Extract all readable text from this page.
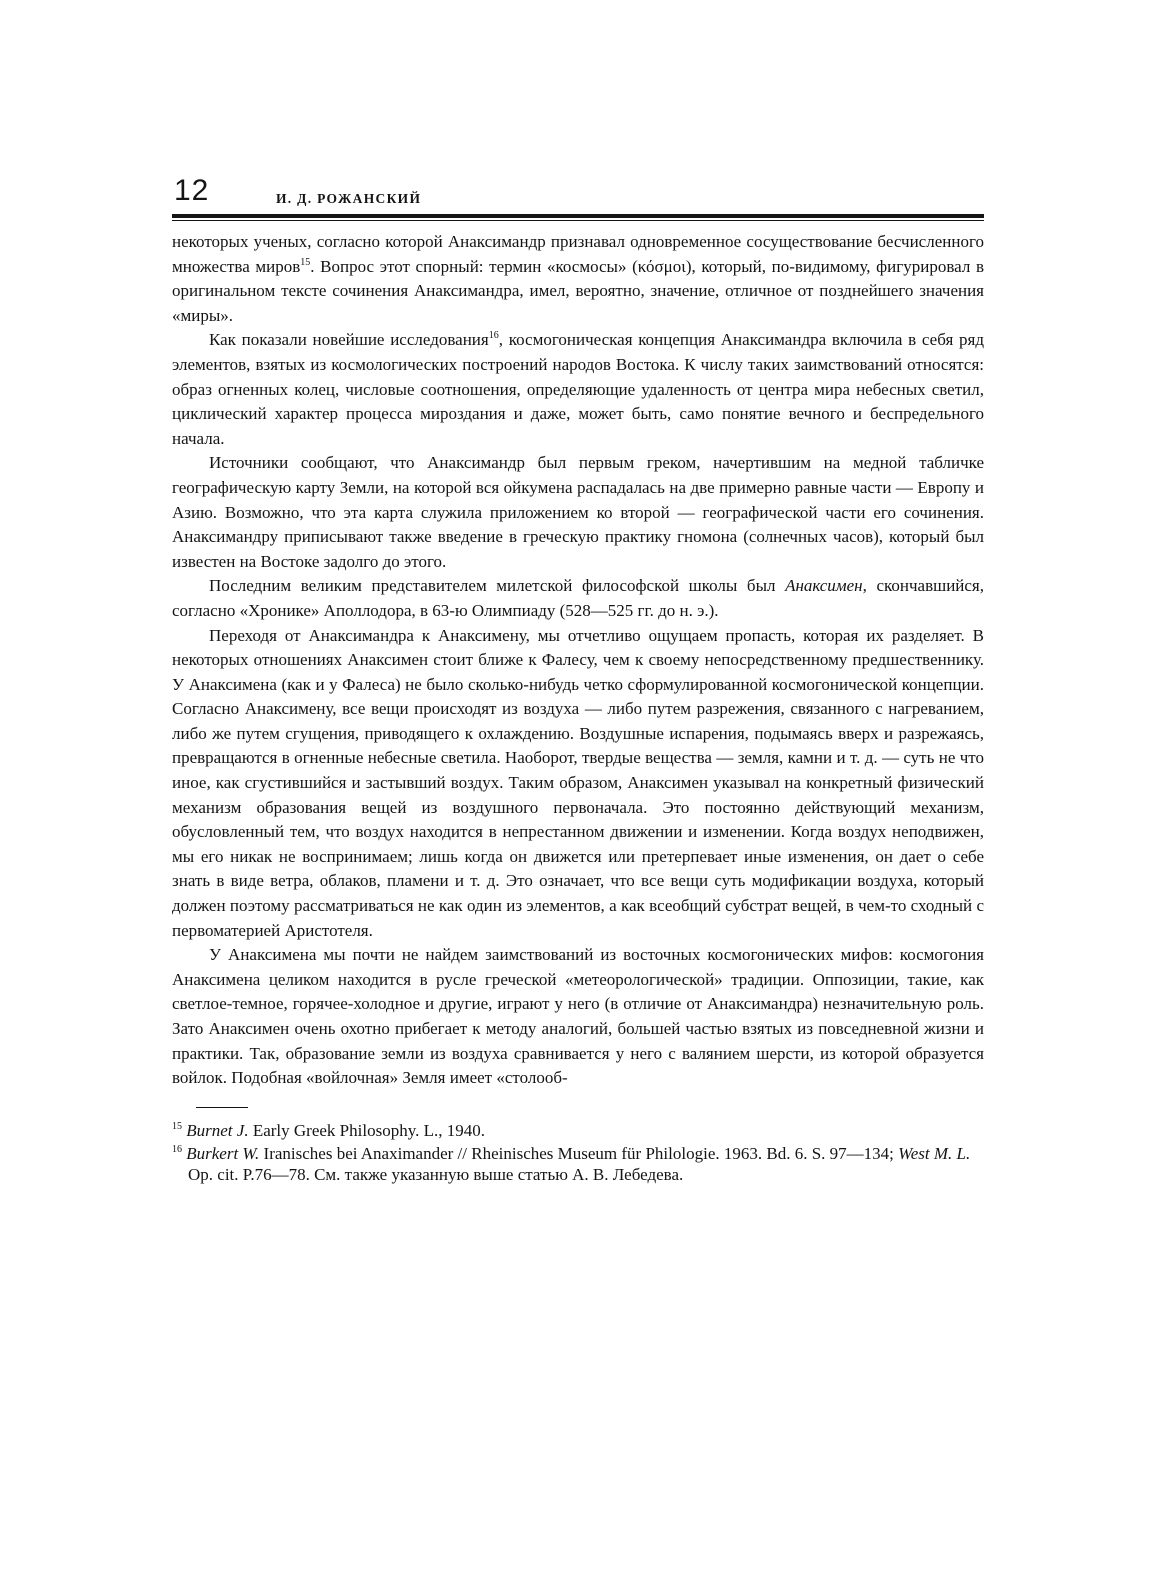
12	И. Д. РОЖАНСКИЙ

некоторых ученых, согласно которой Анаксимандр признавал одновременное сосуществование бесчисленного множества миров$^{15}$. Вопрос этот спорный: термин «космосы» (κόσμοι), который, по-видимому, фигурировал в оригинальном тексте сочинения Анаксимандра, имел, вероятно, значение, отличное от позднейшего значения «миры».

Как показали новейшие исследования$^{16}$, космогоническая концепция Анаксимандра включила в себя ряд элементов, взятых из космологических построений народов Востока. К числу таких заимствований относятся: образ огненных колец, числовые соотношения, определяющие удаленность от центра мира небесных светил, циклический характер процесса мироздания и даже, может быть, само понятие вечного и беспредельного начала.

Источники сообщают, что Анаксимандр был первым греком, начертившим на медной табличке географическую карту Земли, на которой вся ойкумена распадалась на две примерно равные части — Европу и Азию. Возможно, что эта карта служила приложением ко второй — географической части его сочинения. Анаксимандру приписывают также введение в греческую практику гномона (солнечных часов), который был известен на Востоке задолго до этого.

Последним великим представителем милетской философской школы был Анаксимен, скончавшийся, согласно «Хронике» Аполлодора, в 63-ю Олимпиаду (528—525 гг. до н. э.).

Переходя от Анаксимандра к Анаксимену, мы отчетливо ощущаем пропасть, которая их разделяет. В некоторых отношениях Анаксимен стоит ближе к Фалесу, чем к своему непосредственному предшественнику. У Анаксимена (как и у Фалеса) не было сколько-нибудь четко сформулированной космогонической концепции. Согласно Анаксимену, все вещи происходят из воздуха — либо путем разрежения, связанного с нагреванием, либо же путем сгущения, приводящего к охлаждению. Воздушные испарения, подымаясь вверх и разрежаясь, превращаются в огненные небесные светила. Наоборот, твердые вещества — земля, камни и т. д. — суть не что иное, как сгустившийся и застывший воздух. Таким образом, Анаксимен указывал на конкретный физический механизм образования вещей из воздушного первоначала. Это постоянно действующий механизм, обусловленный тем, что воздух находится в непрестанном движении и изменении. Когда воздух неподвижен, мы его никак не воспринимаем; лишь когда он движется или претерпевает иные изменения, он дает о себе знать в виде ветра, облаков, пламени и т. д. Это означает, что все вещи суть модификации воздуха, который должен поэтому рассматриваться не как один из элементов, а как всеобщий субстрат вещей, в чем-то сходный с первоматерией Аристотеля.

У Анаксимена мы почти не найдем заимствований из восточных космогонических мифов: космогония Анаксимена целиком находится в русле греческой «метеорологической» традиции. Оппозиции, такие, как светлое-темное, горячее-холодное и другие, играют у него (в отличие от Анаксимандра) незначительную роль. Зато Анаксимен очень охотно прибегает к методу аналогий, большей частью взятых из повседневной жизни и практики. Так, образование земли из воздуха сравнивается у него с валянием шерсти, из которой образуется войлок. Подобная «войлочная» Земля имеет «столооб-

$^{15}$ Burnet J. Early Greek Philosophy. L., 1940.

$^{16}$ Burkert W. Iranisches bei Anaximander // Rheinisches Museum für Philologie. 1963. Bd. 6. S. 97—134; West M. L. Op. cit. P.76—78. См. также указанную выше статью А. В. Лебедева.
